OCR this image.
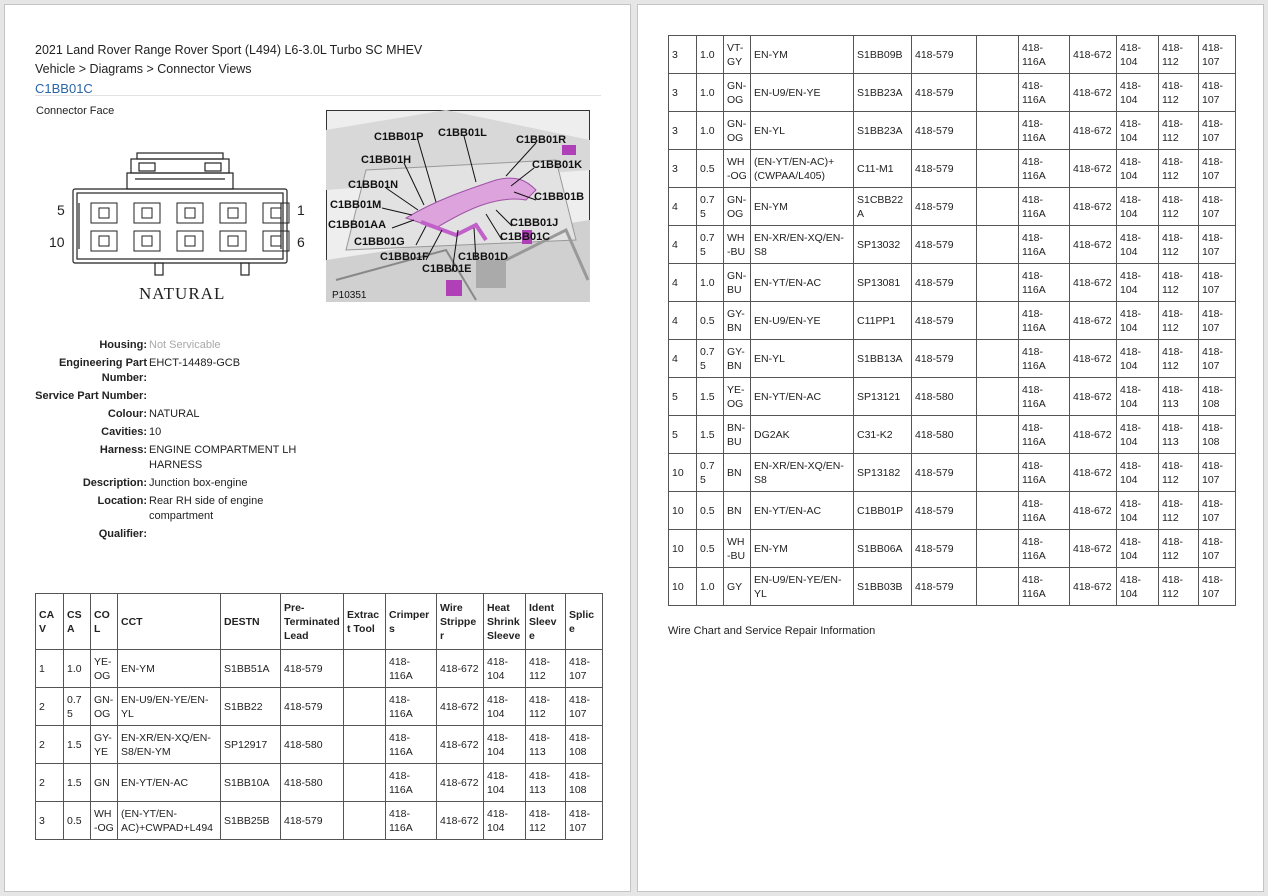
2021 Land Rover Range Rover Sport (L494) L6-3.0L Turbo SC MHEV
Vehicle > Diagrams > Connector Views
C1BB01C
Connector Face
5
10
1
6
NATURAL
C1BB01P C1BB01L
C1BB01R
C1BB01H	C1BB01K
C1BB01N
C1BB01B
C1BB01M
C1BB01J
C1BB01AA
C1BB01C
C1BB01G
C1BB01F	C1BB01D
C1BB01E
P10351
Housing: Not Servicable
Engineering Part Number:
EHCT-14489-GCB
Service Part Number:
Colour: NATURAL
Cavities: 10
Harness: ENGINE COMPARTMENT LH HARNESS
Description: Junction box-engine
Location: Rear RH side of engine compartment
Qualifier:
CAV	CSA	COL	CCT	DESTN	Pre-Terminated Lead	Extract Tool	Crimpers	Wire Stripper	Heat Shrink Sleeve	Ident Sleeve	Splice
1	1.0	YE-OG	EN-YM	S1BB51A	418-579		418-116A	418-672	418-104	418-112	418-107
2	0.75	GN-OG	EN-U9/EN-YE/EN-YL	S1BB22	418-579		418-116A	418-672	418-104	418-112	418-107
2	1.5	GY-YE	EN-XR/EN-XQ/EN-S8/EN-YM	SP12917	418-580		418-116A	418-672	418-104	418-113	418-108
2	1.5	GN	EN-YT/EN-AC	S1BB10A	418-580		418-116A	418-672	418-104	418-113	418-108
3	0.5	WH-OG	(EN-YT/EN-AC)+CWPAD+L494	S1BB25B	418-579		418-116A	418-672	418-104	418-112	418-107
3	1.0	VT-GY	EN-YM	S1BB09B	418-579		418-116A	418-672	418-104	418-112	418-107
3	1.0	GN-OG	EN-U9/EN-YE	S1BB23A	418-579		418-116A	418-672	418-104	418-112	418-107
3	1.0	GN-OG	EN-YL	S1BB23A	418-579		418-116A	418-672	418-104	418-112	418-107
3	0.5	WH-OG	(EN-YT/EN-AC)+(CWPAA/L405)	C11-M1	418-579		418-116A	418-672	418-104	418-112	418-107
4	0.75	GN-OG	EN-YM	S1CBB22A	418-579		418-116A	418-672	418-104	418-112	418-107
4	0.75	WH-BU	EN-XR/EN-XQ/EN-S8	SP13032	418-579		418-116A	418-672	418-104	418-112	418-107
4	1.0	GN-BU	EN-YT/EN-AC	SP13081	418-579		418-116A	418-672	418-104	418-112	418-107
4	0.5	GY-BN	EN-U9/EN-YE	C11PP1	418-579		418-116A	418-672	418-104	418-112	418-107
4	0.75	GY-BN	EN-YL	S1BB13A	418-579		418-116A	418-672	418-104	418-112	418-107
5	1.5	YE-OG	EN-YT/EN-AC	SP13121	418-580		418-116A	418-672	418-104	418-113	418-108
5	1.5	BN-BU	DG2AK	C31-K2	418-580		418-116A	418-672	418-104	418-113	418-108
10	0.75	BN	EN-XR/EN-XQ/EN-S8	SP13182	418-579		418-116A	418-672	418-104	418-112	418-107
10	0.5	BN	EN-YT/EN-AC	C1BB01P	418-579		418-116A	418-672	418-104	418-112	418-107
10	0.5	WH-BU	EN-YM	S1BB06A	418-579		418-116A	418-672	418-104	418-112	418-107
10	1.0	GY	EN-U9/EN-YE/EN-YL	S1BB03B	418-579		418-116A	418-672	418-104	418-112	418-107
Wire Chart and Service Repair Information
